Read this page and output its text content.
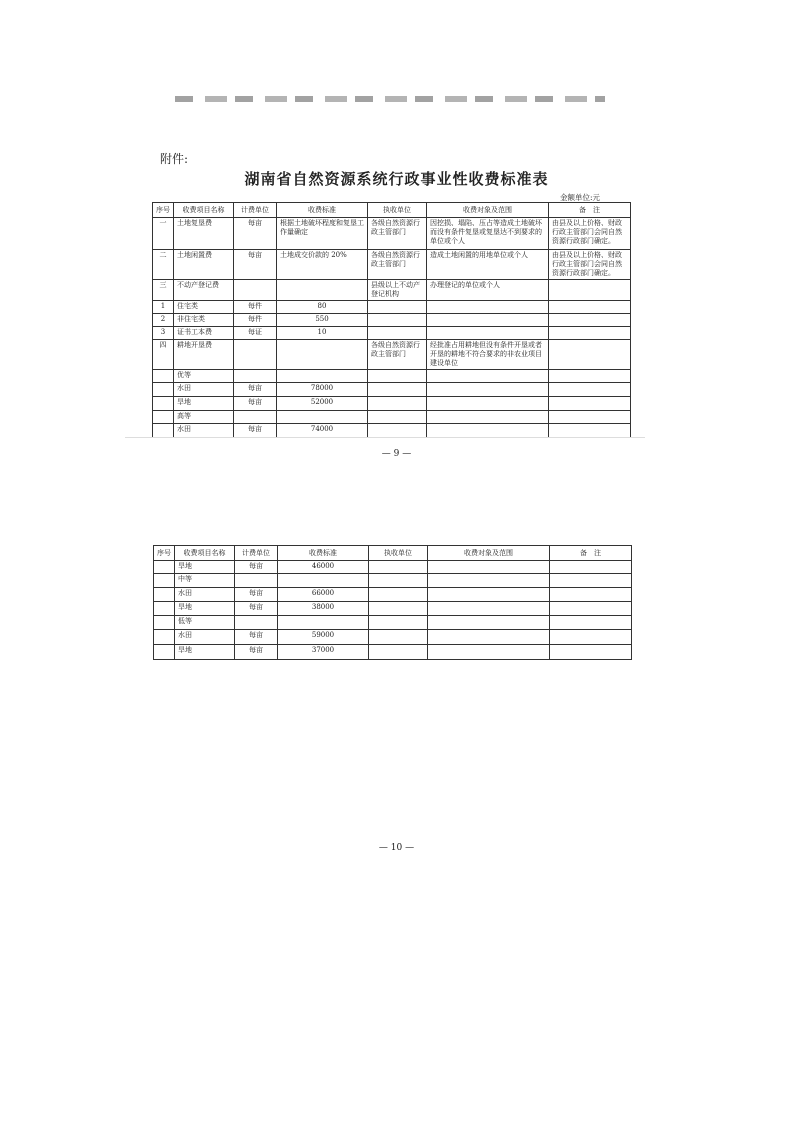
附件:
湖南省自然资源系统行政事业性收费标准表
金额单位:元
序号	收费项目名称	计费单位	收费标准	执收单位	收费对象及范围	备　注
一	土地复垦费	每亩	根据土地破坏程度和复垦工作量确定	各级自然资源行政主管部门	因挖损、塌陷、压占等造成土地破坏而没有条件复垦或复垦达不到要求的单位或个人	由县及以上价格、财政行政主管部门会同自然资源行政部门确定。
二	土地闲置费	每亩	土地成交价款的 20%	各级自然资源行政主管部门	造成土地闲置的用地单位或个人	由县及以上价格、财政行政主管部门会同自然资源行政部门确定。
三	不动产登记费			县级以上不动产登记机构	办理登记的单位或个人	
1	住宅类	每件	80			
2	非住宅类	每件	550			
3	证书工本费	每证	10			
四	耕地开垦费			各级自然资源行政主管部门	经批准占用耕地但没有条件开垦或者开垦的耕地不符合要求的非农业项目建设单位	
	优等					
	水田	每亩	78000			
	旱地	每亩	52000			
	高等					
	水田	每亩	74000			
— 9 —
序号	收费项目名称	计费单位	收费标准	执收单位	收费对象及范围	备　注
	旱地	每亩	46000			
	中等					
	水田	每亩	66000			
	旱地	每亩	38000			
	低等					
	水田	每亩	59000			
	旱地	每亩	37000			
— 10 —
